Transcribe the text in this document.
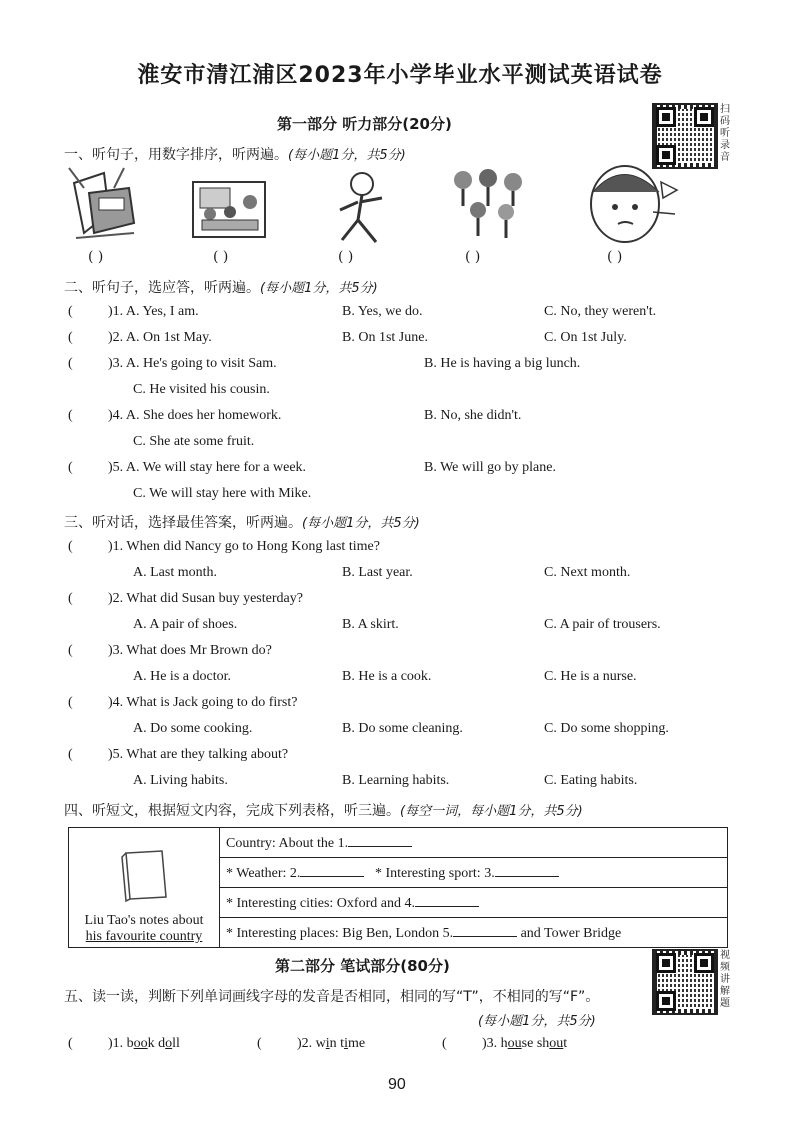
淮安市清江浦区2023年小学毕业水平测试英语试卷
扫码听录音
第一部分 听力部分(20分)
一、听句子，用数字排序，听两遍。(每小题1分，共5分)
( )	( )	( )	( )	( )
二、听句子，选应答，听两遍。(每小题1分，共5分)
(	)1. A. Yes, I am.	B. Yes, we do.	C. No, they weren't.
(	)2. A. On 1st May.	B. On 1st June.	C. On 1st July.
(	)3. A. He's going to visit Sam.	B. He is having a big lunch.
C. He visited his cousin.
(	)4. A. She does her homework.	B. No, she didn't.
C. She ate some fruit.
(	)5. A. We will stay here for a week.	B. We will go by plane.
C. We will stay here with Mike.
三、听对话，选择最佳答案，听两遍。(每小题1分，共5分)
(	)1. When did Nancy go to Hong Kong last time?
A. Last month.	B. Last year.	C. Next month.
(	)2. What did Susan buy yesterday?
A. A pair of shoes.	B. A skirt.	C. A pair of trousers.
(	)3. What does Mr Brown do?
A. He is a doctor.	B. He is a cook.	C. He is a nurse.
(	)4. What is Jack going to do first?
A. Do some cooking.	B. Do some cleaning.	C. Do some shopping.
(	)5. What are they talking about?
A. Living habits.	B. Learning habits.	C. Eating habits.
四、听短文，根据短文内容，完成下列表格，听三遍。(每空一词，每小题1分，共5分)
Liu Tao's notes about
his favourite country
	Country: About the 1.
* Weather: 2.	* Interesting sport: 3.
* Interesting cities: Oxford and 4.
* Interesting places: Big Ben, London 5.	and Tower Bridge
第二部分 笔试部分(80分)
视频讲解题
五、读一读，判断下列单词画线字母的发音是否相同，相同的写“T”，不相同的写“F”。
(每小题1分，共5分)
(	)1. book doll	(	)2. win time	(	)3. house shout
90
